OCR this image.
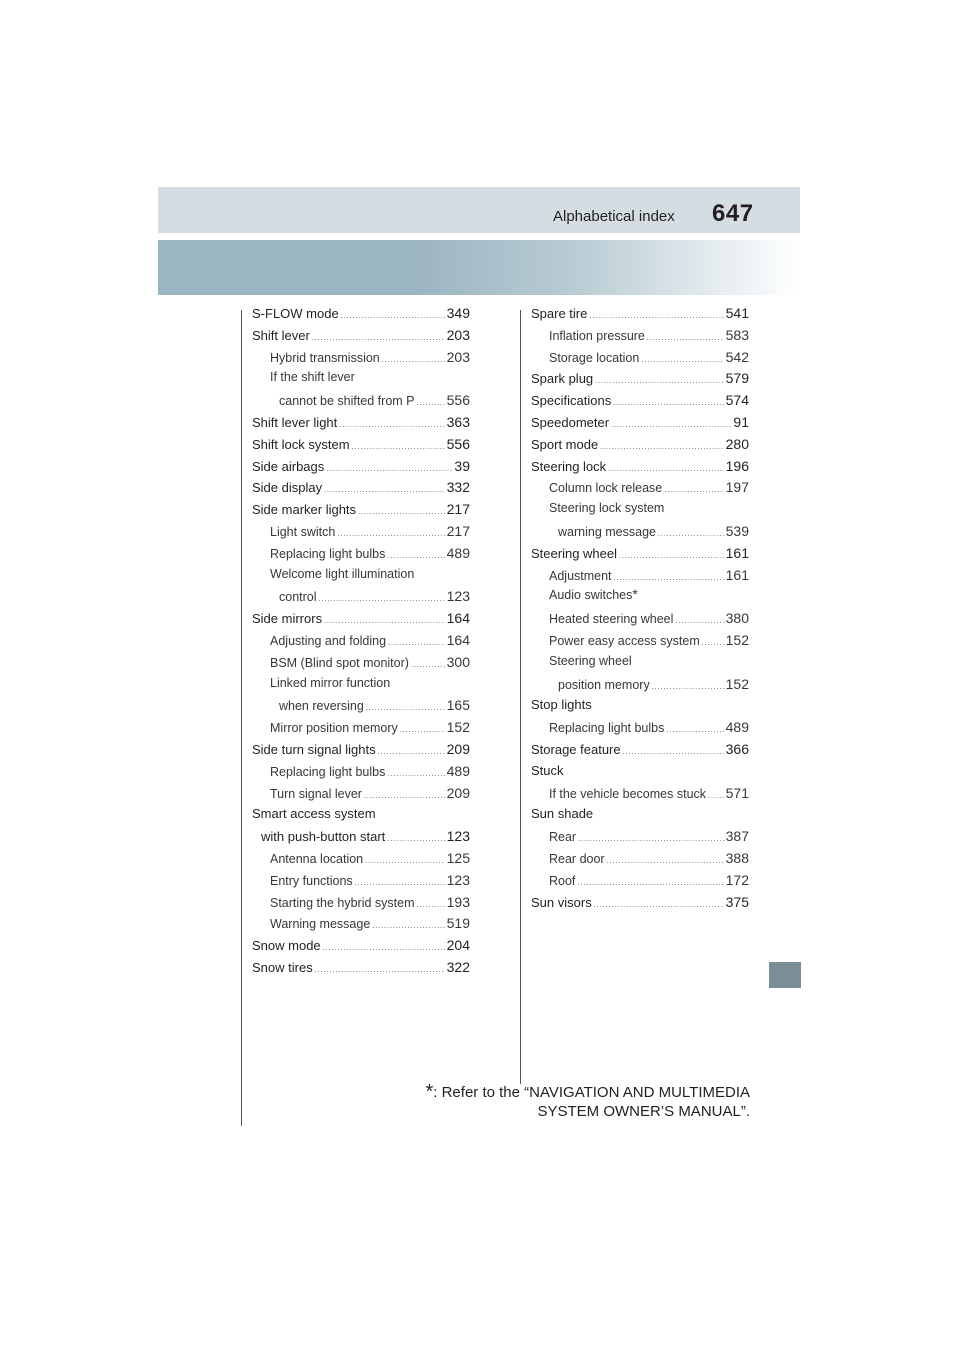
Alphabetical index 647
S-FLOW mode .....	349
Shift lever .....	203
Hybrid transmission .....	203
If the shift lever
cannot be shifted from P ..... 556
Shift lever light .....	363
Shift lock system .....	556
Side airbags .....	39
Side display .....	332
Side marker lights .....	217
Light switch .....	217
Replacing light bulbs .....	489
Welcome light illumination
control .....	123
Side mirrors .....	164
Adjusting and folding .....	164
BSM (Blind spot monitor) .....	300
Linked mirror function
when reversing .....	165
Mirror position memory .....	152
Side turn signal lights .....	209
Replacing light bulbs .....	489
Turn signal lever .....	209
Smart access system
with push-button start .....	123
Antenna location .....	125
Entry functions .....	123
Starting the hybrid system ..... 193
Warning message .....	519
Snow mode .....	204
Snow tires .....	322
Spare tire .....	541
Inflation pressure .....	583
Storage location .....	542
Spark plug .....	579
Specifications .....	574
Speedometer .....	91
Sport mode .....	280
Steering lock .....	196
Column lock release .....	197
Steering lock system
warning message .....	539
Steering wheel .....	161
Adjustment .....	161
Audio switches *
Heated steering wheel .....	380
Power easy access system ..... 152
Steering wheel
position memory .....	152
Stop lights
Replacing light bulbs .....	489
Storage feature .....	366
Stuck
If the vehicle becomes stuck ..... 571
Sun shade
Rear .....	387
Rear door .....	388
Roof .....	172
Sun visors .....	375
*: Refer to the “NAVIGATION AND MULTIMEDIA
SYSTEM OWNER’S MANUAL”.
